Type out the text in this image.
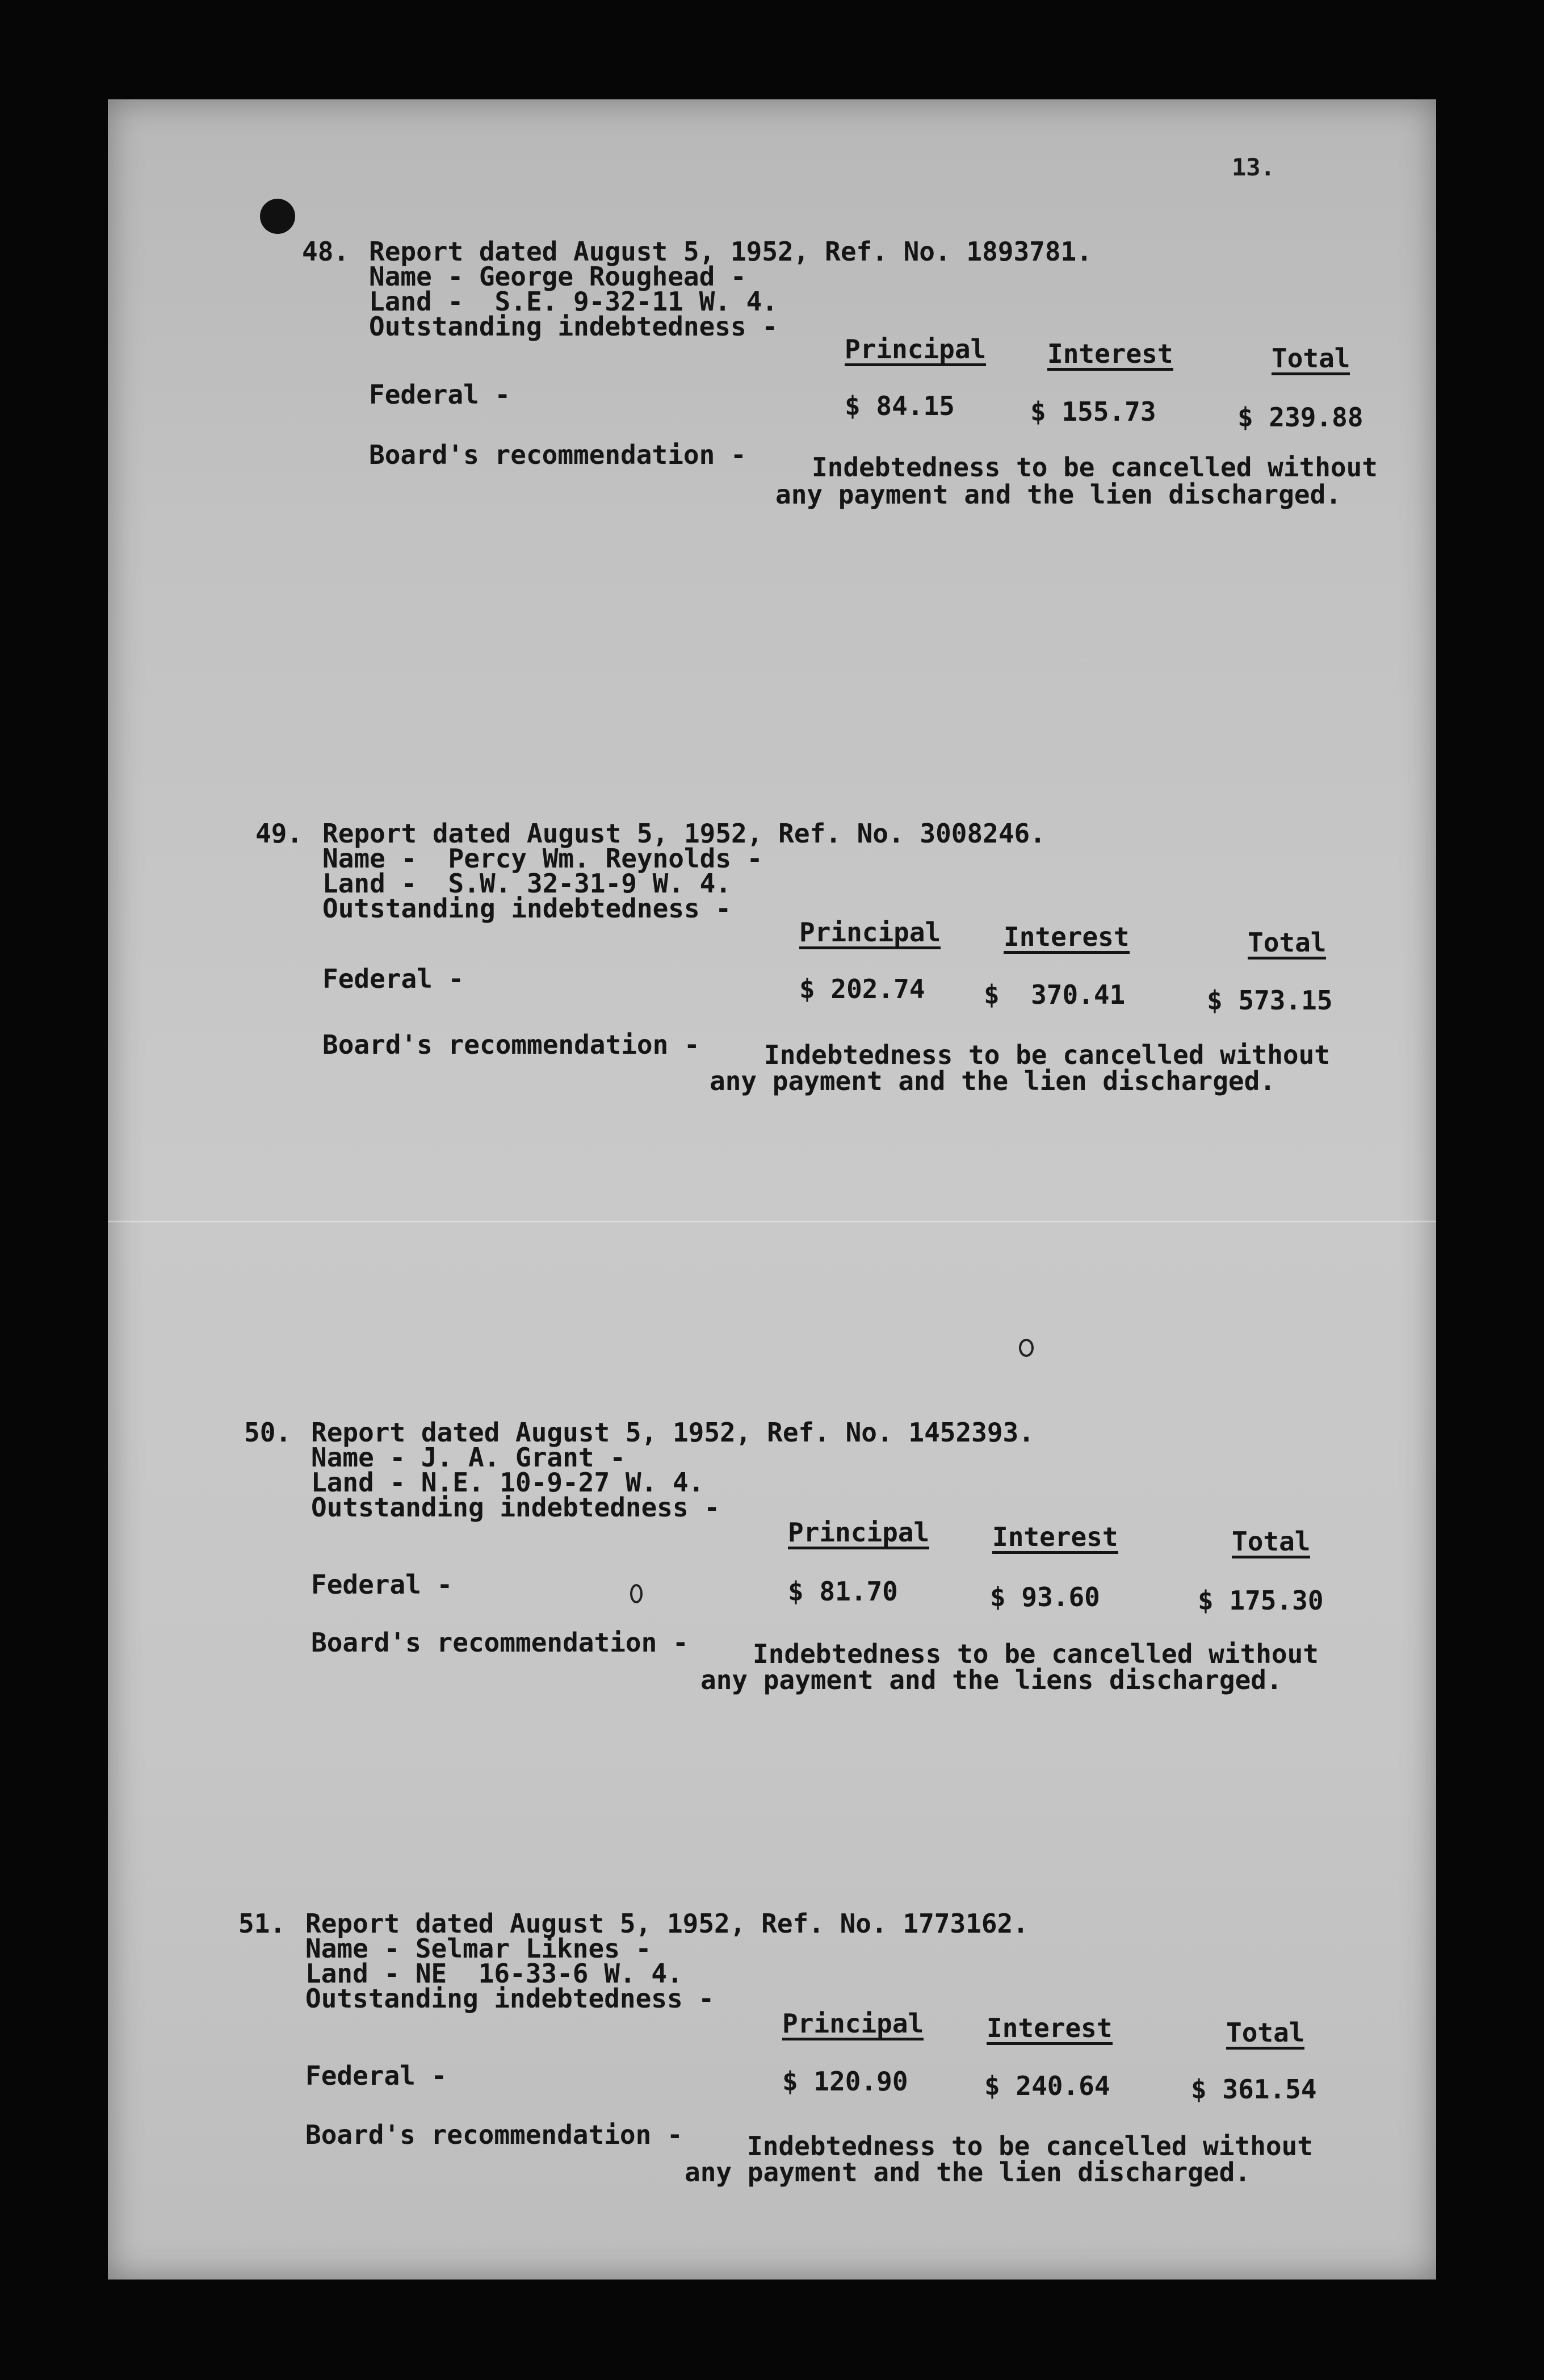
13.
48. Report dated August 5, 1952, Ref. No. 1893781.
Name - George Roughead -
Land -  S.E. 9-32-11 W. 4.
Outstanding indebtedness -
Principal Interest	Total
Federal -	$ 84.15	$ 155.73	$ 239.88
Board's recommendation -	Indebtedness to be cancelled without
any payment and the lien discharged.
49. Report dated August 5, 1952, Ref. No. 3008246.
Name -  Percy Wm. Reynolds -
Land -  S.W. 32-31-9 W. 4.
Outstanding indebtedness -
Principal Interest	Total
Federal -	$ 202.74 $  370.41	$ 573.15
Board's recommendation - Indebtedness to be cancelled without
any payment and the lien discharged.
50. Report dated August 5, 1952, Ref. No. 1452393.
Name - J. A. Grant -
Land - N.E. 10-9-27 W. 4.
Outstanding indebtedness -
Principal Interest	Total
Federal -	$ 81.70	$ 93.60	$ 175.30
Board's recommendation - Indebtedness to be cancelled without
any payment and the liens discharged.
51. Report dated August 5, 1952, Ref. No. 1773162.
Name - Selmar Liknes -
Land - NE  16-33-6 W. 4.
Outstanding indebtedness -
Principal Interest	Total
Federal -	$ 120.90	$ 240.64	$ 361.54
Board's recommendation - Indebtedness to be cancelled without
any payment and the lien discharged.
